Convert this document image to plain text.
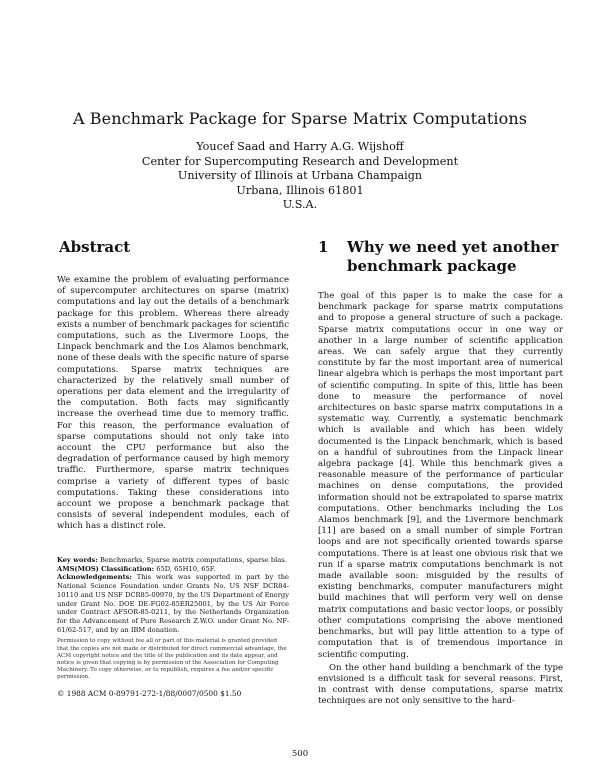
A Benchmark Package for Sparse Matrix Computations
Youcef Saad and Harry A.G. Wijshoff
Center for Supercomputing Research and Development
University of Illinois at Urbana Champaign
Urbana, Illinois 61801
U.S.A.
Abstract

We examine the problem of evaluating performance of supercomputer architectures on sparse (matrix) computations and lay out the details of a benchmark package for this problem. Whereas there already exists a number of benchmark packages for scientific computations, such as the Livermore Loops, the Linpack benchmark and the Los Alamos benchmark, none of these deals with the specific nature of sparse computations. Sparse matrix techniques are characterized by the relatively small number of operations per data element and the irregularity of the computation. Both facts may significantly increase the overhead time due to memory traffic. For this reason, the performance evaluation of sparse computations should not only take into account the CPU performance but also the degradation of performance caused by high memory traffic. Furthermore, sparse matrix techniques comprise a variety of different types of basic computations. Taking these considerations into account we propose a benchmark package that consists of several independent modules, each of which has a distinct role.

Key words: Benchmarks, Sparse matrix computations, sparse blas.

AMS(MOS) Classification: 65D, 65H10, 65F.

Acknowledgements: This work was supported in part by the National Science Foundation under Grants No. US NSF DCR84-10110 and US NSF DCR85-09970, by the US Department of Energy under Grant No. DOE DE-FG02-85ER25001, by the US Air Force under Contract AFSOR-85-0211, by the Netherlands Organization for the Advancement of Pure Research Z.W.O. under Grant No. NF-61/62-517, and by an IBM donation.

Permission to copy without fee all or part of this material is granted provided that the copies are not made or distributed for direct commercial advantage, the ACM copyright notice and the title of the publication and its date appear, and notice is given that copying is by permission of the Association for Computing Machinery. To copy otherwise, or to republish, requires a fee and/or specific permission.

© 1988 ACM 0-89791-272-1/88/0007/0500 $1.50
1 Why we need yet another benchmark package

The goal of this paper is to make the case for a benchmark package for sparse matrix computations and to propose a general structure of such a package. Sparse matrix computations occur in one way or another in a large number of scientific application areas. We can safely argue that they currently constitute by far the most important area of numerical linear algebra which is perhaps the most important part of scientific computing. In spite of this, little has been done to measure the performance of novel architectures on basic sparse matrix computations in a systematic way. Currently, a systematic benchmark which is available and which has been widely documented is the Linpack benchmark, which is based on a handful of subroutines from the Linpack linear algebra package [4]. While this benchmark gives a reasonable measure of the performance of particular machines on dense computations, the provided information should not be extrapolated to sparse matrix computations. Other benchmarks including the Los Alamos benchmark [9], and the Livermore benchmark [11] are based on a small number of simple Fortran loops and are not specifically oriented towards sparse computations. There is at least one obvious risk that we run if a sparse matrix computations benchmark is not made available soon: misguided by the results of existing benchmarks, computer manufacturers might build machines that will perform very well on dense matrix computations and basic vector loops, or possibly other computations comprising the above mentioned benchmarks, but will pay little attention to a type of computation that is of tremendous importance in scientific computing.

On the other hand building a benchmark of the type envisioned is a difficult task for several reasons. First, in contrast with dense computations, sparse matrix techniques are not only sensitive to the hard-

500
